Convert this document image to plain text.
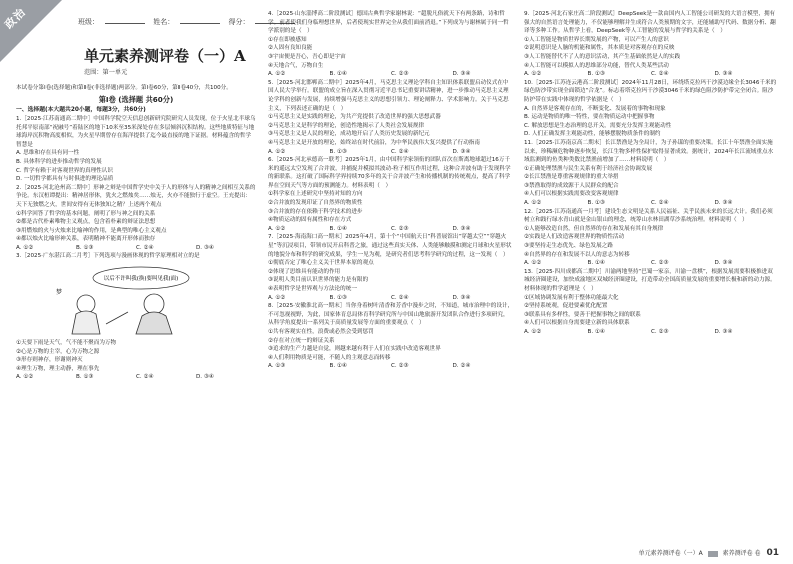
政治	班级：	姓名：	得分：
单元素养测评卷（一）A
范围：第一单元
本试卷分第Ⅰ卷(选择题)和第Ⅱ卷(非选择题)两部分。第Ⅰ卷60分，第Ⅱ卷40分，共100分。
第Ⅰ卷 (选择题 共60分)
一、选择题(本大题共20小题，每题3分，共60分)

1.［2025·江苏南通高二期中］中国科学院空天信息创新研究院研究人员发现，位于火星北半球乌托邦平原南部“祝融号”着陆区的地下10米至35米深处存在多层倾斜沉积结构。这些地质特征与地球海岸沉积物高度相似，为火星早期曾存在海洋提供了迄今最直接的地下证据。材料蕴含的哲学智慧是

A. 思维和存在具有同一性
B. 具体科学的进步推动哲学的发展
C. 哲学有赖于对客观世界的真理性认识
D. 一切哲学都具有与时俱进的理论品质

2.［2025·河北沧州高二期中］形神之辩是中国哲学史中关于人的形体与人的精神之间相互关系的争论。东汉桓谭提出：精神居形体，犹火之燃烛矣……烛无，火亦不能独行于虚空。王充提出：天下无独燃之火，世间安得有无体独知之精？上述两个观点

①科学回答了哲学的基本问题，阐明了形与神之间的关系
②都是古代朴素唯物主义观点，包含着朴素的辩证法思想
③用燃烛的火与火烛来比喻神的作用，是典型的唯心主义观点
④都以烛火比喻形神关系，表明精神不能离开形体而独存
A. ①②	B. ①③	C. ②④	D. ③④

3.［2025·广东湛江高二月考］下列选项与漫画体现的哲学原理相对立的是

以后不许叫我(换)要叫见我(面)
梦
①天要下雨是天气，气不能不聚而为万物
②心是万物的主宰，心为万物之源
③形存则神存，形谢则神灭
④理生万物，理主动静，理在事先
A. ①②	B. ①③	C. ②④	D. ③④

4.［2025·山东淄博高二阶段测试］德国古典哲学家谢林说：“超脱凡俗就天下有两条路，诗和哲学。前者使我们身临理想世界，后者使现实世界完全从我们面前消退。”下列成为与谢林属于同一哲学派别的是（　）

①存在即被感知
②人固有良知良能
③宇宙便是吾心，吾心即是宇宙
④天地合气，万物自生
A. ①②	B. ①④	C. ②③	D. ③④

5.［2025·河北邯郸高二期中］2025年4月，马克思主义理论学科自主知识体系联盟启动仪式在中国人民大学举行。联盟的成立旨在深入贯彻习近平总书记重要讲话精神，进一步推动马克思主义理论学科的创新与发展，持续增强马克思主义的思想引领力、理论阐释力、学术影响力。关于马克思主义，下列表述正确的是（　）

①马克思主义是实践的理论，为共产党提供了改造世界的强大思想武器
②马克思主义是科学的理论，创造性地揭示了人类社会发展规律
③马克思主义是人民的理论，成功地开启了人类历史发展的新纪元
④马克思主义是开放的理论，始终站在时代前沿，为中华民族伟大复兴提供了行动指南
A. ①②	B. ①③	C. ②④	D. ③④

6.［2025·河北承德高一联考］2025年1月，由中国科学家领衔的团队首次在斯离地球超过16万千米的遥远太空发现了合并波，并捕捉并模拟其波动-粒子相互作用过程，这种合并波有助于发现科学的新联系。这打破了国际科学界持续70多年的关于合并波产生和传播机制的传统观点，提高了科学界在空间天气等方面的预测能力。材料表明（　）

①科学家在上述研究中坚持对知的方向
②合并波的发现印证了自然界的物质性
③合并波的存在依赖于科学技术的进步
④物质运动的固有属性和存在方式
A. ①②	B. ①④	C. ②③	D. ③④

7.［2025·海南海口高一期末］2025年4月，第十个“中国航天日”科普展馆出“穿越太空”“穿越火星”等沉浸项目，带领市民开启科普之旅，通过这些真实天体、人类能够触摸和测定月球和火星形状的地貌分布和科学的研究成果，学生一见为观，是研究者们思考科学研究的过程，这一发现（　）

①彻底否定了唯心主义关于世界本原的观点
②体现了思维具有能动的作用
③说明人类目前认识世界的能力是有限的
④表明哲学是世界观与方法论的统一
A. ①②	B. ①③	C. ②④	D. ③④

8.［2025·安徽淮北高一期末］当你身着树叶清香和芳香中漫步之时，不知道，城市治理中的设计，不可忽视视野，为此，国家体育总局体育科学研究所与中国山地旅游开发团队合作进行多项研究，从科学角度提出一系列关于高质量发展等方面的重要观点（　）

①共有客观实在性，浪费或必然会受到惩罚
②存在对立统一的辩证关系
③追求的生产力越是自觉，则越来越有利于人们在实践中改造客观世界
④人们利用物质是可能，不随人的主观意志而转移
A. ①③	B. ①④	C. ②③	D. ②④

9.［2025·河北石家庄高二阶段测试］DeepSeek是一款由国内人工智能公司研发的大语言模型，拥有强大的自然语言处理能力，不仅能够理解并生成符合人类预期的文字，还能辅助写代码、数据分析、翻译等多种工作。从哲学上看，DeepSeek等人工智能的发展与哲学的关系是（　）

①人工智能是物质世界长期发展的产物，可以产生人的意识
②说明意识是人脑的机能和属性，其本质是对客观存在的反映
③人工智能替代不了人的意识活动，其产生基础依然是人的实践
④人工智能可以模拟人的思维部分功能，替代人类某些活动
A. ①②	B. ①③	C. ②④	D. ③④

10.［2025·江苏连云港高二阶段测试］2024年11月28日，环绕塔克拉玛干沙漠边缘全长3046千米的绿色防沙带实现全面锁边“合龙”。标志着塔克拉玛干沙漠3046千米的绿色阻沙防护带完全闭合。阻沙防护带在实践中体现的哲学依据是（　）

A. 自然界是客观存在的，不断变化、发展着的事物和现象
B. 运动是物质的唯一特性，要在物质运动中把握事物
C. 解放思想是生态治理的总开关，需要充分发挥主观能动性
D. 人们正确发挥主观能动性，能够摆脱物质条件的制约

11.［2025·江苏南京高二期末］长江禁渔是为全局计，为子孙谋的重要决策。长江十年禁渔全面实施以来，珍稀濒危物种逐步恢复，长江生物多样性保护取得显著成效。据统计，2024年长江流域重点水域监测到的鱼类种类数比禁渔前增加了……材料说明（　）

①正确处理禁渔与民生关系有利于经济社会协调发展
②长江禁渔是尊重客观规律的重大举措
③禁渔取得的成效源于人民群众的配合
④人们可以根据实践需要改变客观规律
A. ①②	B. ①③	C. ②④	D. ③④

12.［2025·江苏南通高一月考］建设生态文明是关系人民福祉、关乎民族未来的长远大计。我们必须树立和践行绿水青山就是金山银山的理念，统筹山水林田湖草沙系统治理。材料说明（　）

①人能够改造自然，但自然界的存在和发展有其自身规律
②实践是人们改造客观世界的物质性活动
③要坚持走生态优先、绿色发展之路
④自然界的存在和发展不以人的意志为转移
A. ①②	B. ①④	C. ②③	D. ③④

13.［2025·四川成都高二期中］川渝两地坚持“巴蜀一家亲，川渝一盘棋”，根据发展需要积极推进双城经济圈建设，加快成渝地区双城经济圈建设，打造带动全国高质量发展的重要增长极和新的动力源。材料体现的哲学道理是（　）

①区域协调发展有利于整体功能最大化
②坚持系统观，促进要素优化配置
③联系具有多样性，要善于把握事物之间的联系
④人们可以根据自身需要建立新的具体联系
A. ①②	B. ①④	C. ②③	D. ③④
单元素养测评卷（一）A	素养测评卷 卷 01
